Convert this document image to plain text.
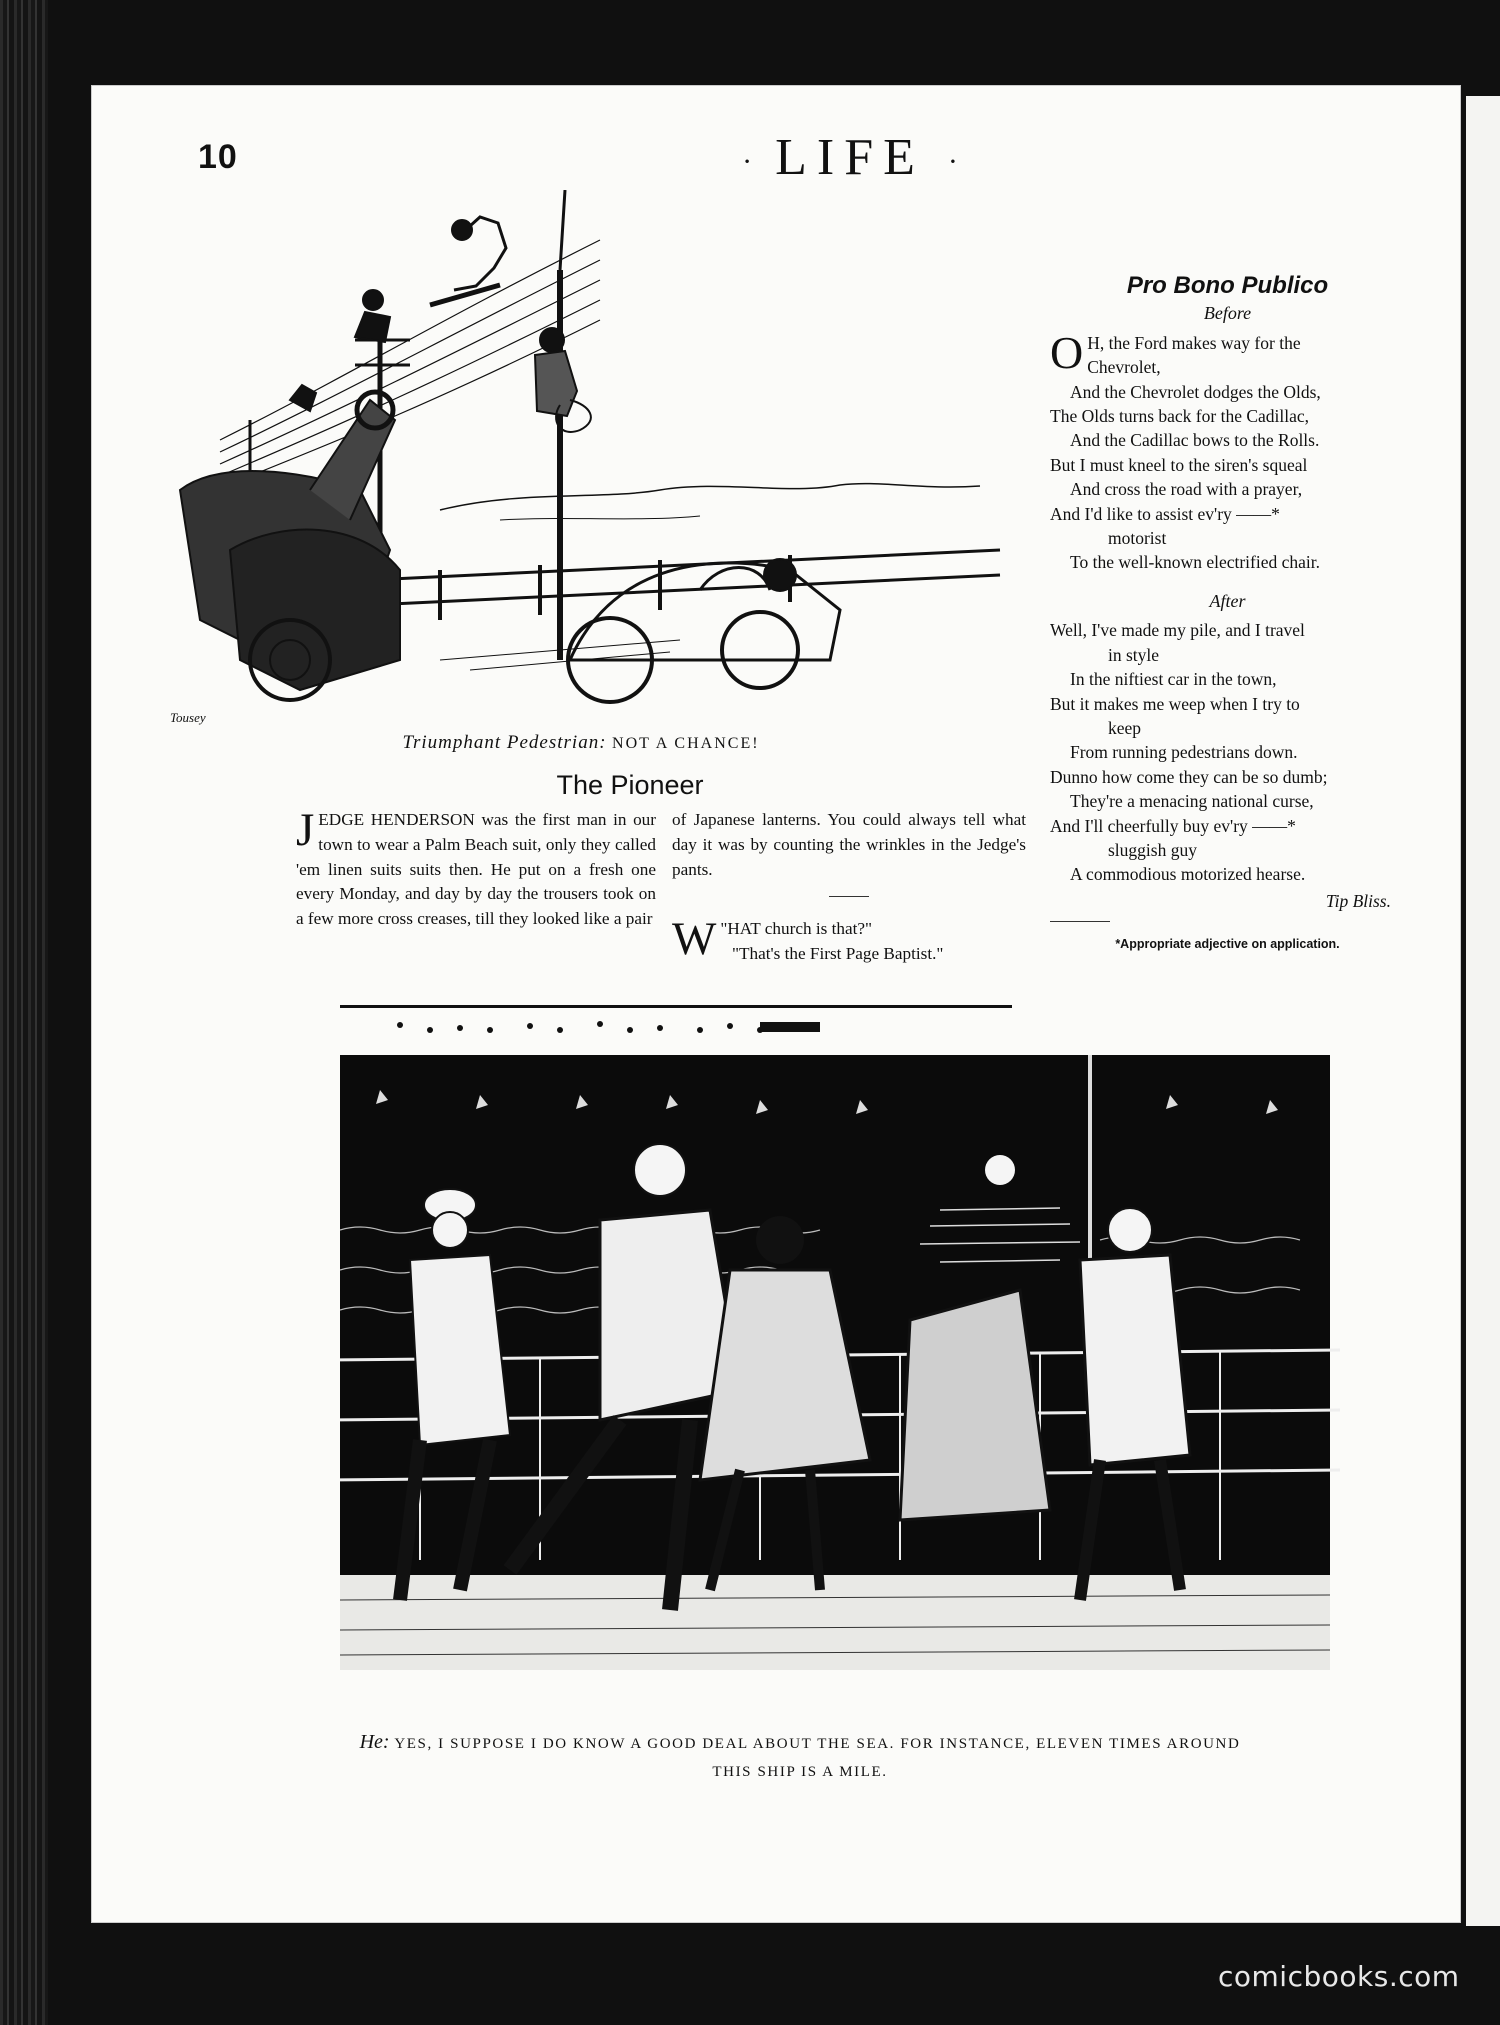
10	· LIFE ·
Tousey
Triumphant Pedestrian: NOT A CHANCE!
Pro Bono Publico
Before
O H, the Ford makes way for the
Chevrolet,
And the Chevrolet dodges the Olds,
The Olds turns back for the Cadillac,
And the Cadillac bows to the Rolls.
But I must kneel to the siren's squeal
And cross the road with a prayer,
And I'd like to assist ev'ry ——*
motorist
To the well-known electrified chair.
After
Well, I've made my pile, and I travel
in style
In the niftiest car in the town,
But it makes me weep when I try to
keep
From running pedestrians down.
Dunno how come they can be so dumb;
They're a menacing national curse,
And I'll cheerfully buy ev'ry ——*
sluggish guy
A commodious motorized hearse.
Tip Bliss.
*Appropriate adjective on application.
The Pioneer
JEDGE HENDERSON was the first man in our town to wear a Palm Beach suit, only they called 'em linen suits suits then. He put on a fresh one every Monday, and day by day the trousers took on a few more cross creases, till they looked like a pair
of Japanese lanterns. You could always tell what day it was by counting the wrinkles in the Jedge's pants.
W "HAT church is that?"
"That's the First Page Baptist."
He: YES, I SUPPOSE I DO KNOW A GOOD DEAL ABOUT THE SEA. FOR INSTANCE, ELEVEN TIMES AROUND
THIS SHIP IS A MILE.
comicbooks.com
